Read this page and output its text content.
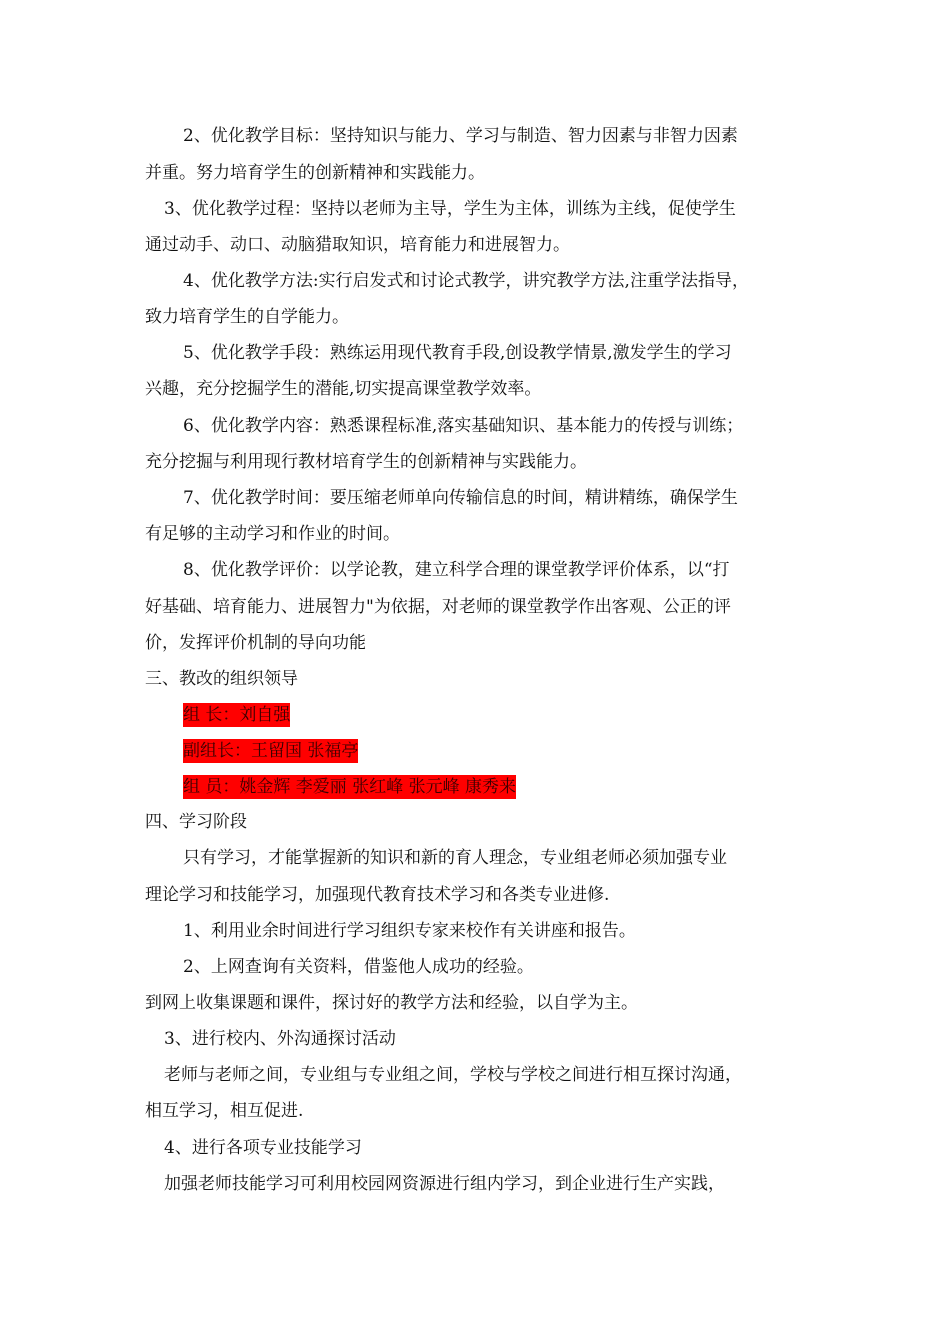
2、优化教学目标：坚持知识与能力、学习与制造、智力因素与非智力因素
并重。努力培育学生的创新精神和实践能力。
3、优化教学过程：坚持以老师为主导，学生为主体，训练为主线，促使学生
通过动手、动口、动脑猎取知识，培育能力和进展智力。
4、优化教学方法:实行启发式和讨论式教学，讲究教学方法,注重学法指导，
致力培育学生的自学能力。
5、优化教学手段：熟练运用现代教育手段,创设教学情景,激发学生的学习
兴趣，充分挖掘学生的潜能,切实提高课堂教学效率。
6、优化教学内容：熟悉课程标准,落实基础知识、基本能力的传授与训练；
充分挖掘与利用现行教材培育学生的创新精神与实践能力。
7、优化教学时间：要压缩老师单向传输信息的时间，精讲精练，确保学生
有足够的主动学习和作业的时间。
8、优化教学评价：以学论教，建立科学合理的课堂教学评价体系，以“打
好基础、培育能力、进展智力"为依据，对老师的课堂教学作出客观、公正的评
价，发挥评价机制的导向功能
三、教改的组织领导
组 长：刘自强
副组长：王留国 张福亭
组 员：姚金辉 李爱丽 张红峰 张元峰 康秀来
四、学习阶段
只有学习，才能掌握新的知识和新的育人理念，专业组老师必须加强专业
理论学习和技能学习，加强现代教育技术学习和各类专业进修.
1、利用业余时间进行学习组织专家来校作有关讲座和报告。
2、上网查询有关资料，借鉴他人成功的经验。
到网上收集课题和课件，探讨好的教学方法和经验，以自学为主。
3、进行校内、外沟通探讨活动
老师与老师之间，专业组与专业组之间，学校与学校之间进行相互探讨沟通，
相互学习，相互促进.
4、进行各项专业技能学习
加强老师技能学习可利用校园网资源进行组内学习，到企业进行生产实践，
